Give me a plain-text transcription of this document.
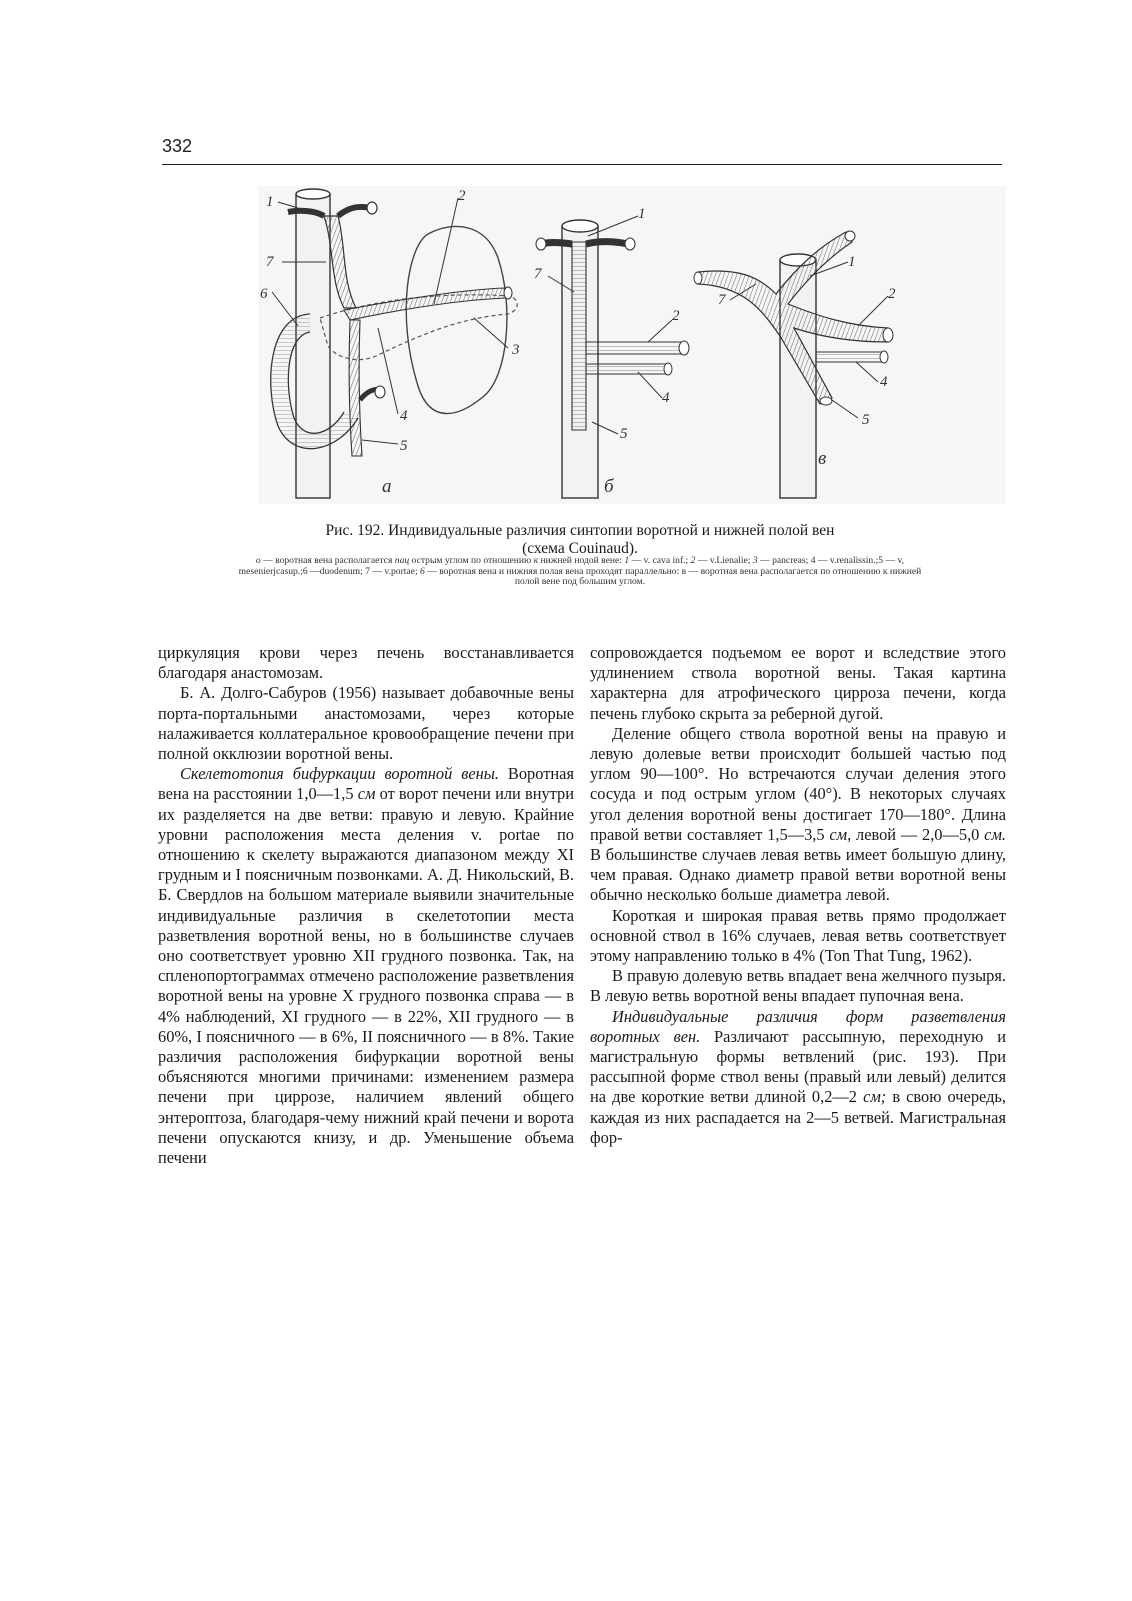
332
1	2
7
6
3
4
5
а
1
7
2
4
5
б
1
7	2
4
5
в
Рис. 192. Индивидуальные различия синтопии воротной и нижней полой вен
(схема Couinaud).
о — воротная вена располагается пац острым углом по отношению к нижней нодой вене: 1 — v. cava inf.; 2 — v.Lienalie; 3 — pancreas; 4 — v.renalissin.;5 — v, mesenierjcasup.;6 —duodenum; 7 — v.portae; 6 — воротная вена и нижняя полая вена проходят параллельно: в — воротная вена располагается по отношению к нижней полой вене под большим углом.

циркуляция крови через печень восстанавливается благодаря анастомозам.

Б. А. Долго-Сабуров (1956) называет добавочные вены порта-портальными анастомозами, через которые налаживается коллатеральное кровообращение печени при полной окклюзии воротной вены.

Скелетотопия бифуркации воротной вены. Воротная вена на расстоянии 1,0—1,5 см от ворот печени или внутри их разделяется на две ветви: правую и левую. Крайние уровни расположения места деления v. portae по отношению к скелету выражаются диапазоном между XI грудным и I поясничным позвонками. А. Д. Никольский, В. Б. Свердлов на большом материале выявили значительные индивидуальные различия в скелетотопии места разветвления воротной вены, но в большинстве случаев оно соответствует уровню XII грудного позвонка. Так, на спленопортограммах отмечено расположение разветвления воротной вены на уровне X грудного позвонка справа — в 4% наблюдений, XI грудного — в 22%, XII грудного — в 60%, I поясничного — в 6%, II поясничного — в 8%. Такие различия расположения бифуркации воротной вены объясняются многими причинами: изменением размера печени при циррозе, наличием явлений общего энтероптоза, благодаря-чему нижний край печени и ворота печени опускаются книзу, и др. Уменьшение объема печени

сопровождается подъемом ее ворот и вследствие этого удлинением ствола воротной вены. Такая картина характерна для атрофического цирроза печени, когда печень глубоко скрыта за реберной дугой.

Деление общего ствола воротной вены на правую и левую долевые ветви происходит большей частью под углом 90—100°. Но встречаются случаи деления этого сосуда и под острым углом (40°). В некоторых случаях угол деления воротной вены достигает 170—180°. Длина правой ветви составляет 1,5—3,5 см, левой — 2,0—5,0 см. В большинстве случаев левая ветвь имеет большую длину, чем правая. Однако диаметр правой ветви воротной вены обычно несколько больше диаметра левой.

Короткая и широкая правая ветвь прямо продолжает основной ствол в 16% случаев, левая ветвь соответствует этому направлению только в 4% (Ton That Tung, 1962).

В правую долевую ветвь впадает вена желчного пузыря. В левую ветвь воротной вены впадает пупочная вена.

Индивидуальные различия форм разветвления воротных вен. Различают рассыпную, переходную и магистральную формы ветвлений (рис. 193). При рассыпной форме ствол вены (правый или левый) делится на две короткие ветви длиной 0,2—2 см; в свою очередь, каждая из них распадается на 2—5 ветвей. Магистральная фор-
